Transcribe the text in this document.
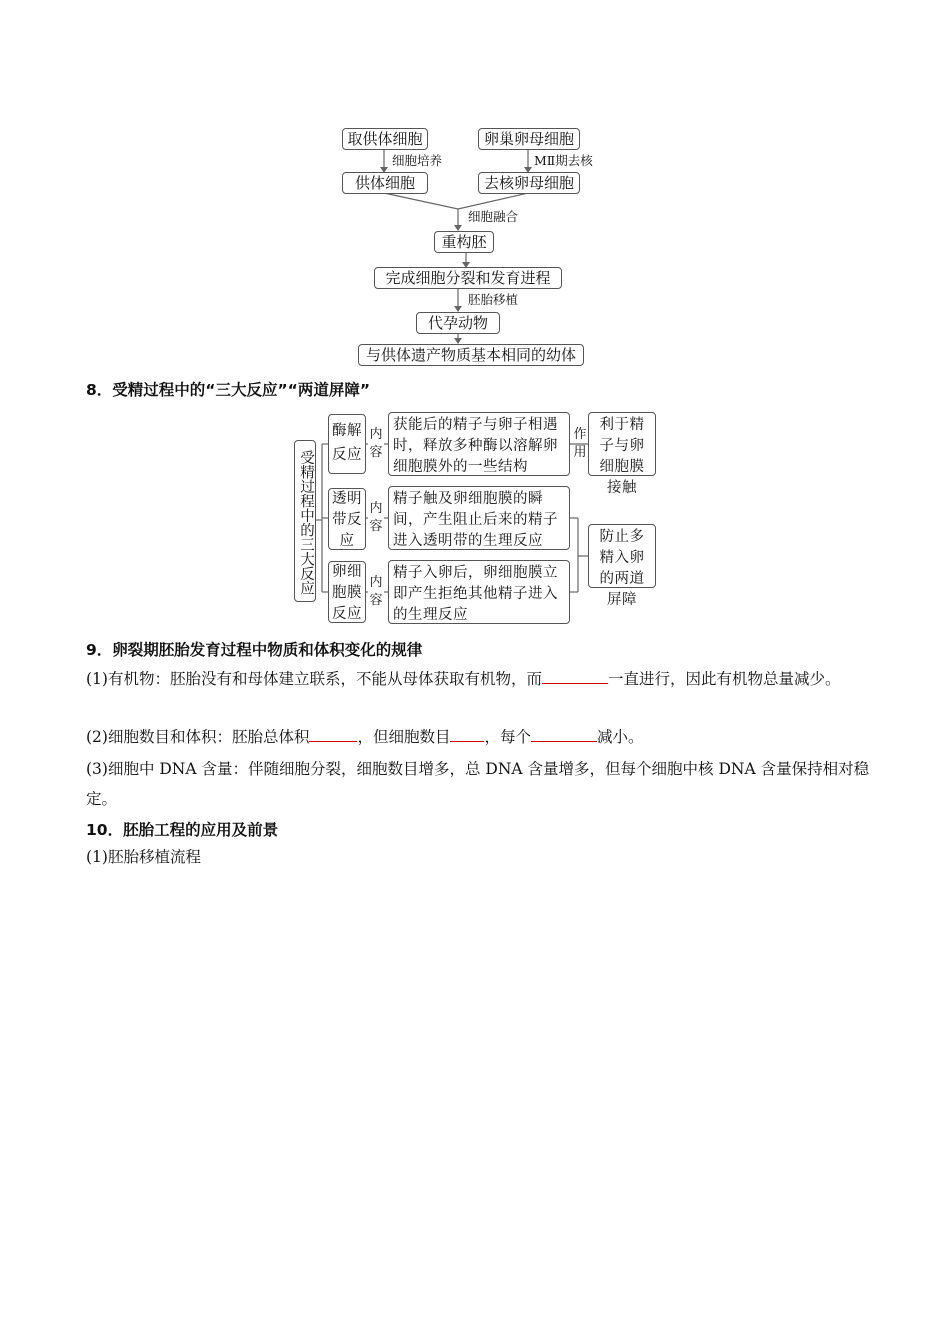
取供体细胞	卵巢卵母细胞
细胞培养	MⅡ期去核
供体细胞	去核卵母细胞
细胞融合
重构胚
完成细胞分裂和发育进程
胚胎移植
代孕动物
与供体遗产物质基本相同的幼体
8．受精过程中的“三大反应”“两道屏障”
受精过程中的三大反应
酶解反应
内容
获能后的精子与卵子相遇时，释放多种酶以溶解卵细胞膜外的一些结构
作用
利于精子与卵细胞膜接触
透明带反应
内容
精子触及卵细胞膜的瞬间，产生阻止后来的精子进入透明带的生理反应
卵细胞膜反应
内容
精子入卵后，卵细胞膜立即产生拒绝其他精子进入的生理反应
防止多精入卵的两道屏障
9．卵裂期胚胎发育过程中物质和体积变化的规律
(1)有机物：胚胎没有和母体建立联系，不能从母体获取有机物，而	一直进行，因此有机物总量减少。
(2)细胞数目和体积：胚胎总体积	，但细胞数目 ，每个	减小。
(3)细胞中 DNA 含量：伴随细胞分裂，细胞数目增多，总 DNA 含量增多，但每个细胞中核 DNA 含量保持相对稳定。
10．胚胎工程的应用及前景
(1)胚胎移植流程
